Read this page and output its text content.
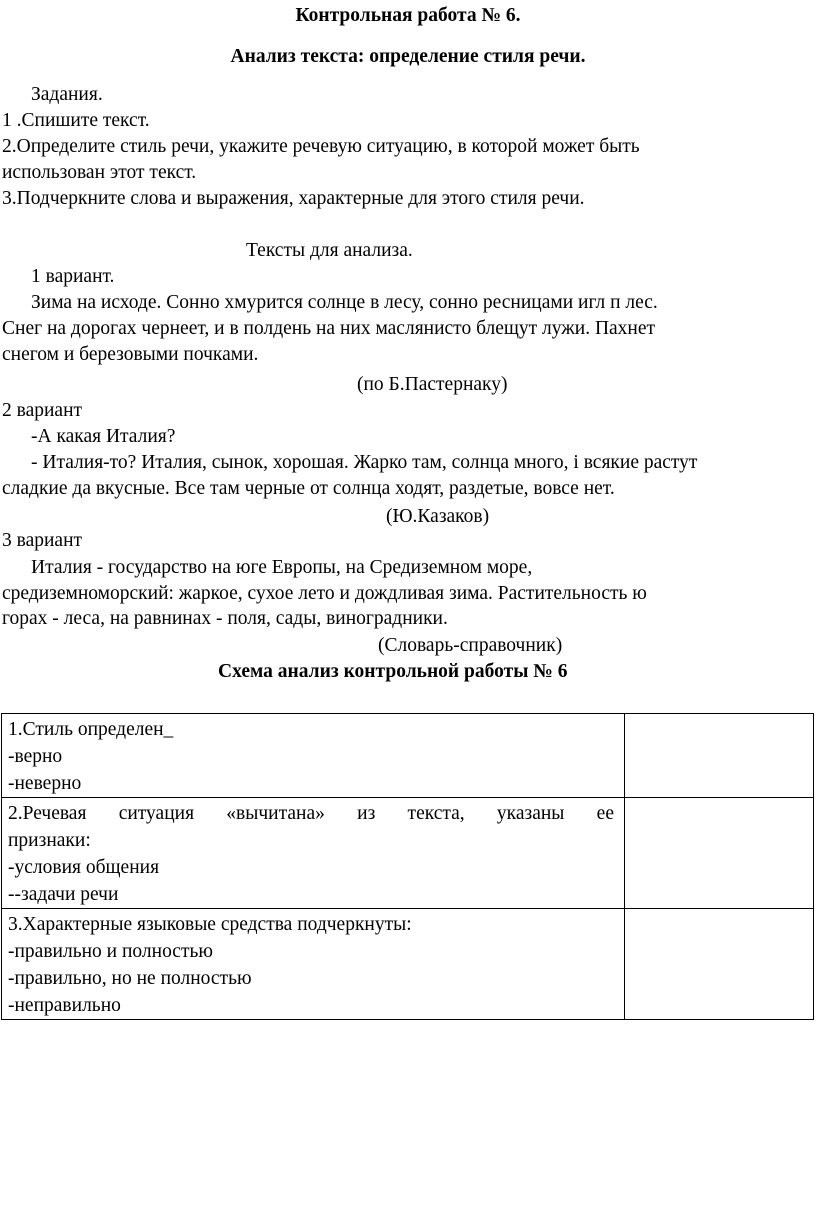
Контрольная работа № 6.
Анализ текста: определение стиля речи.
Задания.
1 .Спишите текст.
2.Определите стиль речи, укажите речевую ситуацию, в которой может быть
использован этот текст.
3.Подчеркните слова и выражения, характерные для этого стиля речи.
Тексты для анализа.
1 вариант.
Зима на исходе. Сонно хмурится солнце в лесу, сонно ресницами игл п лес.
Снег на дорогах чернеет, и в полдень на них маслянисто блещут лужи. Пахнет
снегом и березовыми почками.
(по Б.Пастернаку)
2 вариант
-А какая Италия?
- Италия-то? Италия, сынок, хорошая. Жарко там, солнца много, і всякие растут
сладкие да вкусные. Все там черные от солнца ходят, раздетые, вовсе нет.
(Ю.Казаков)
3 вариант
Италия - государство на юге Европы, на Средиземном море,
средиземноморский: жаркое, сухое лето и дождливая зима. Растительность ю
горах - леса, на равнинах - поля, сады, виноградники.
(Словарь-справочник)
Схема анализ контрольной работы № 6
1.Стиль определен_
-верно
-неверно	

2.Речевая ситуация «вычитана» из текста, указаны ее
признаки:
-условия общения
--задачи речи	

3.Характерные языковые средства подчеркнуты:
-правильно и полностью
-правильно, но не полностью
-неправильно	
